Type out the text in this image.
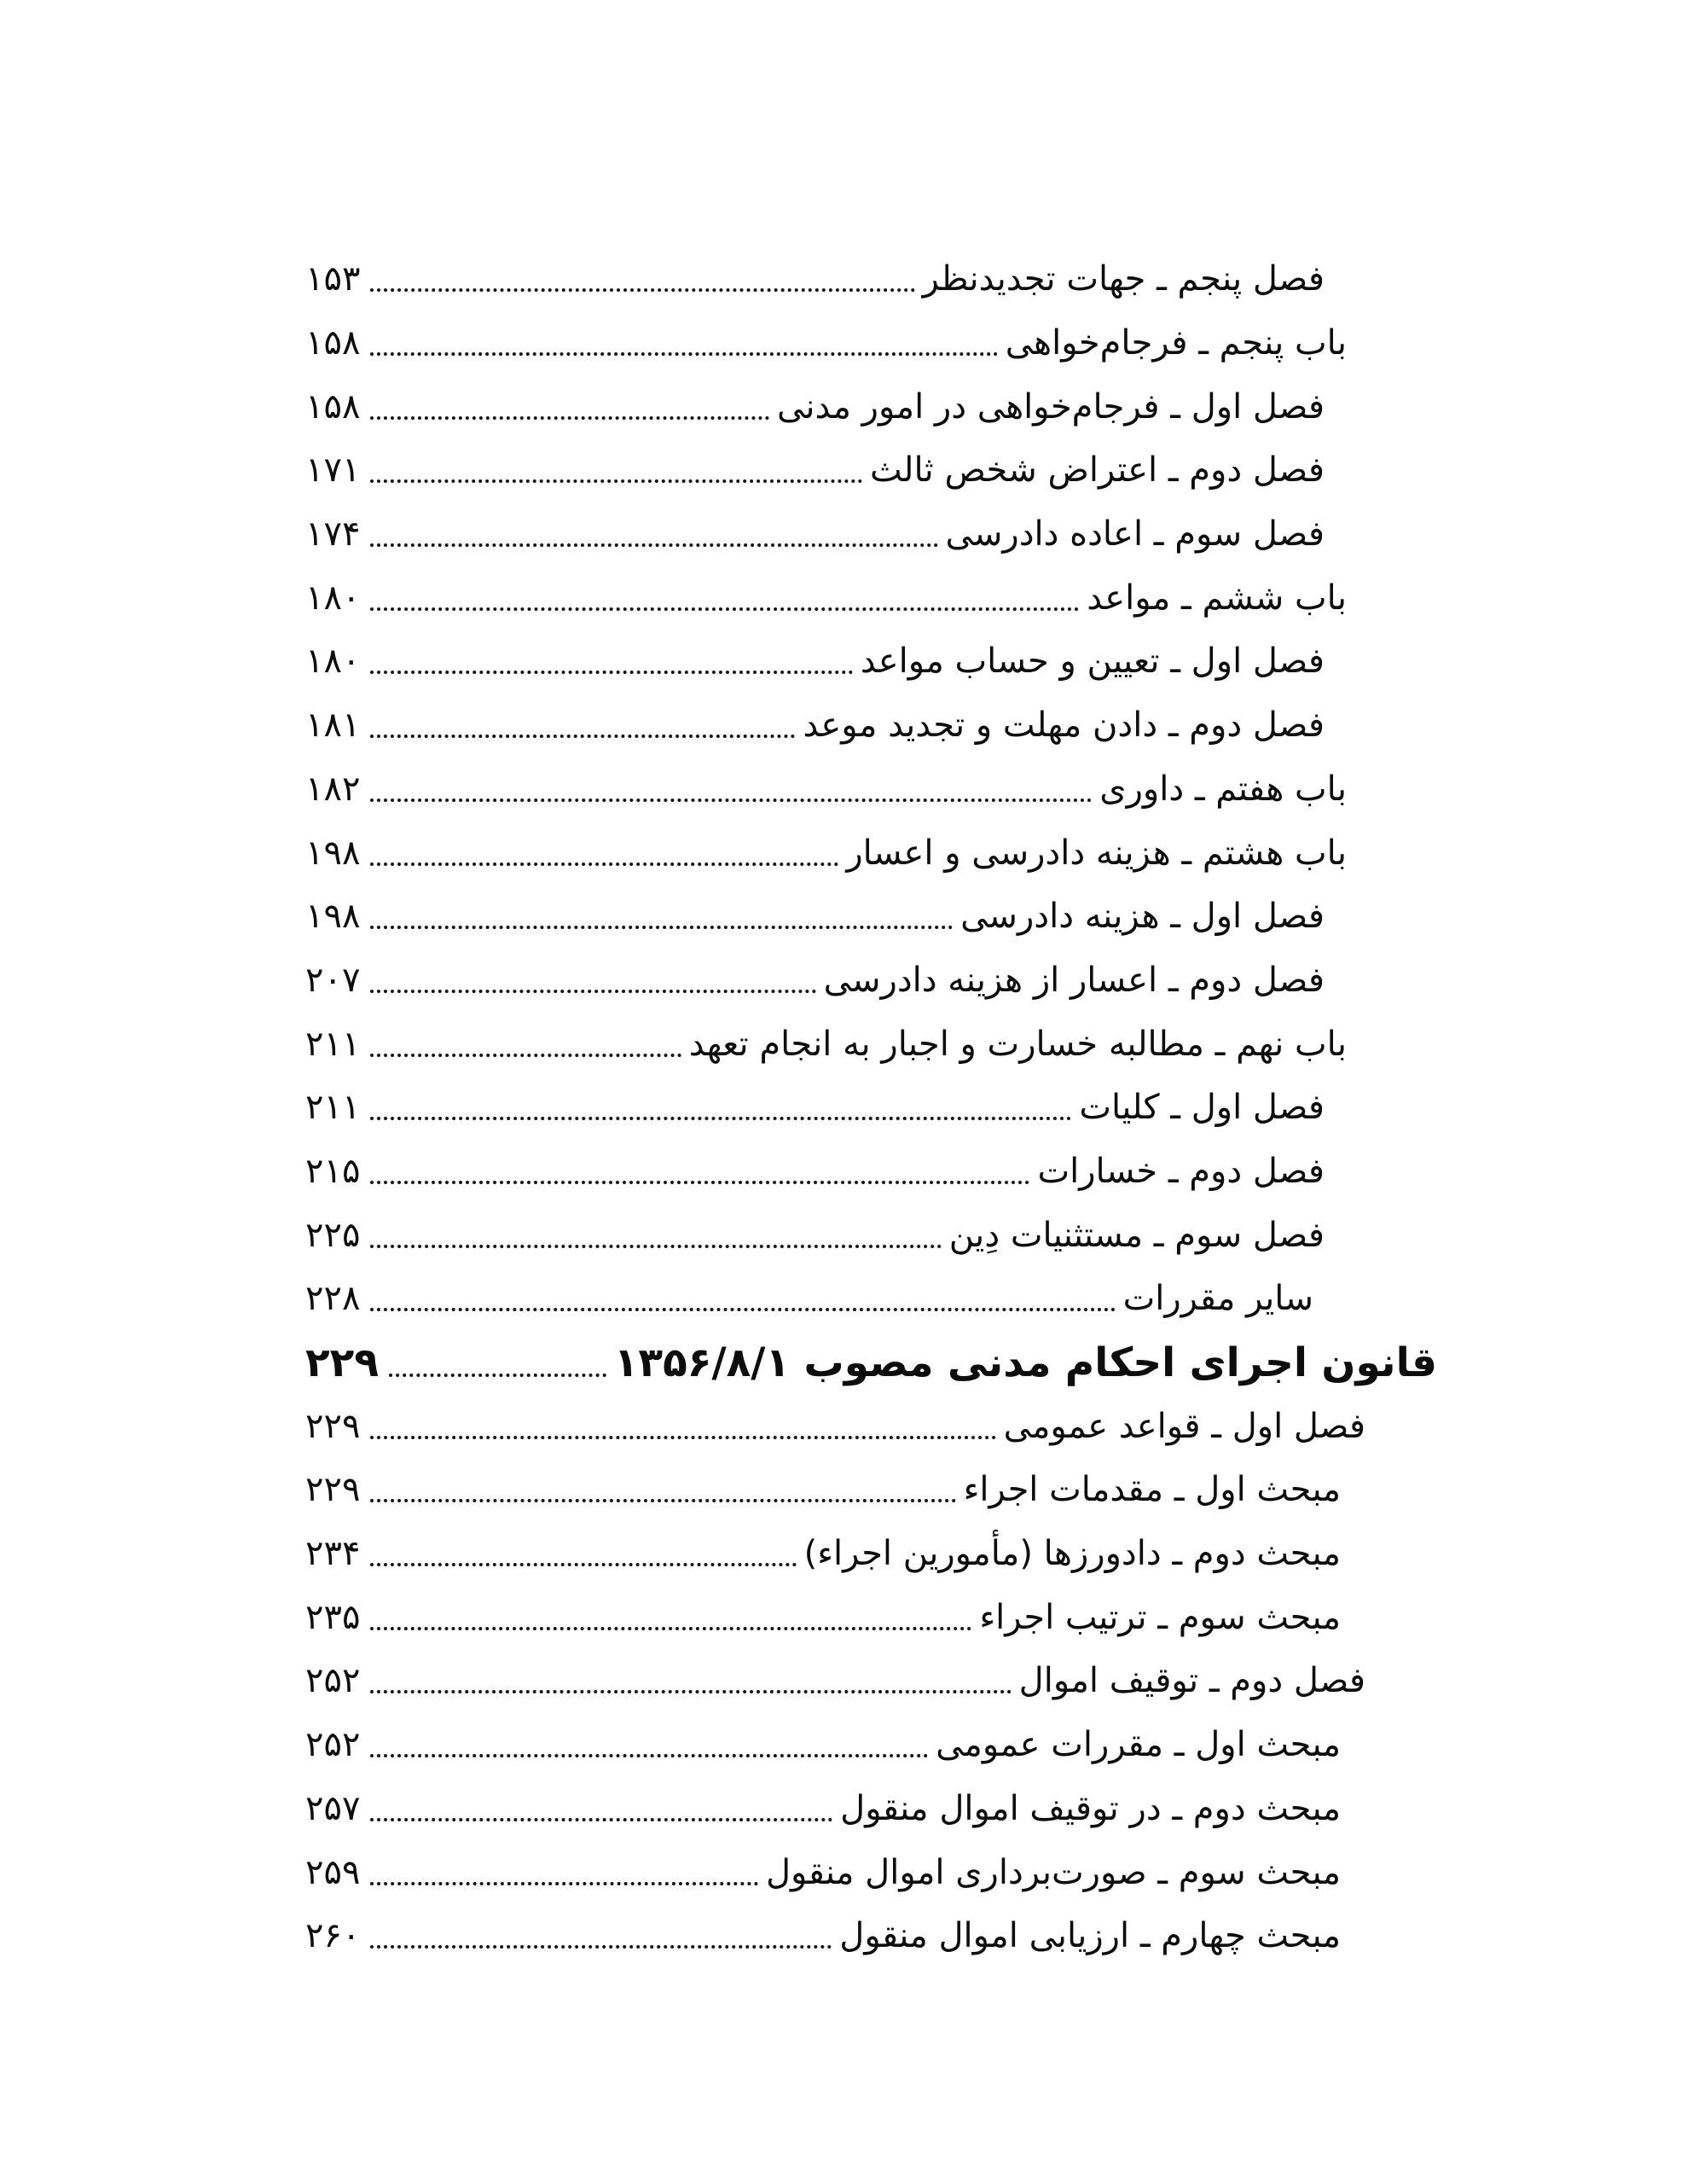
فصل پنجم ـ جهات تجدیدنظر
۱۵۳
باب پنجم ـ فرجام‌خواهی
۱۵۸
فصل اول ـ فرجام‌خواهی در امور مدنی
۱۵۸
فصل دوم ـ اعتراض شخص ثالث
۱۷۱
فصل سوم ـ اعاده دادرسی
۱۷۴
باب ششم ـ مواعد
۱۸۰
فصل اول ـ تعیین و حساب مواعد
۱۸۰
فصل دوم ـ دادن مهلت و تجدید موعد
۱۸۱
باب هفتم ـ داوری
۱۸۲
باب هشتم ـ هزینه دادرسی و اعسار
۱۹۸
فصل اول ـ هزینه دادرسی
۱۹۸
فصل دوم ـ اعسار از هزینه دادرسی
۲۰۷
باب نهم ـ مطالبه خسارت و اجبار به انجام تعهد
۲۱۱
فصل اول ـ کلیات
۲۱۱
فصل دوم ـ خسارات
۲۱۵
فصل سوم ـ مستثنیات دِین
۲۲۵
سایر مقررات
۲۲۸
قانون اجرای احکام مدنی مصوب ۱۳۵۶/۸/۱
۲۲۹
فصل اول ـ قواعد عمومی
۲۲۹
مبحث اول ـ مقدمات اجراء
۲۲۹
مبحث دوم ـ دادورزها (مأمورین اجراء)
۲۳۴
مبحث سوم ـ ترتیب اجراء
۲۳۵
فصل دوم ـ توقیف اموال
۲۵۲
مبحث اول ـ مقررات عمومی
۲۵۲
مبحث دوم ـ در توقیف اموال منقول
۲۵۷
مبحث سوم ـ صورت‌برداری اموال منقول
۲۵۹
مبحث چهارم ـ ارزیابی اموال منقول
۲۶۰
